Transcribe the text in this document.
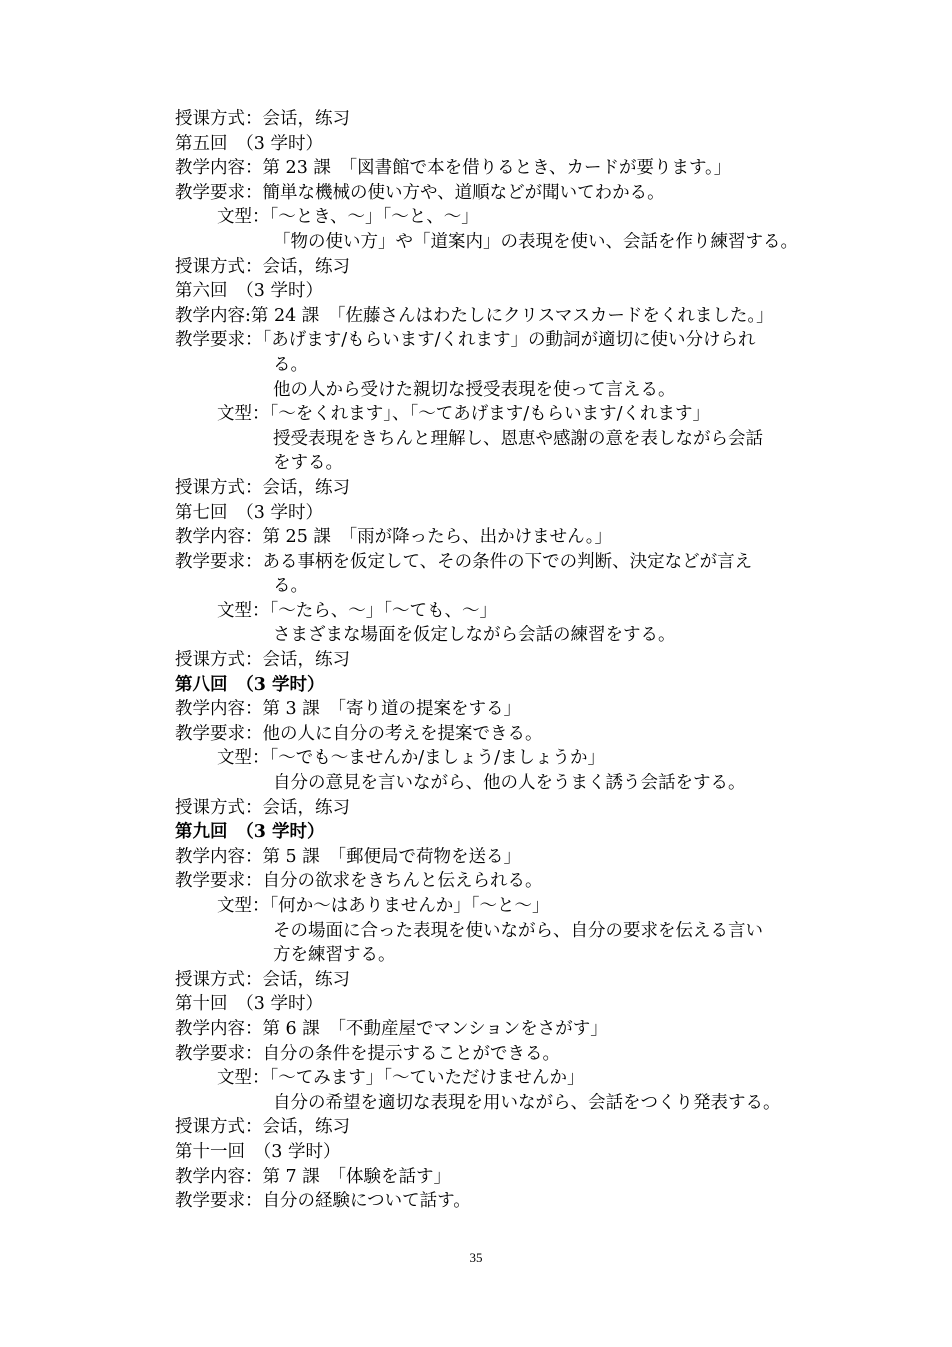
授课方式：会话，练习
第五回　（3 学时）
教学内容：第 23 課　「図書館で本を借りるとき、カードが要ります。」
教学要求：簡単な機械の使い方や、道順などが聞いてわかる。
文型：「～とき、～」「～と、～」
「物の使い方」や「道案内」の表現を使い、会話を作り練習する。
授课方式：会话，练习
第六回　（3 学时）
教学内容:第 24 課　「佐藤さんはわたしにクリスマスカードをくれました。」
教学要求：「あげます/もらいます/くれます」の動詞が適切に使い分けられ
る。
他の人から受けた親切な授受表現を使って言える。
文型：「～をくれます」、「～てあげます/もらいます/くれます」
授受表現をきちんと理解し、恩恵や感謝の意を表しながら会話
をする。
授课方式：会话，练习
第七回　（3 学时）
教学内容：第 25 課　「雨が降ったら、出かけません。」
教学要求：ある事柄を仮定して、その条件の下での判断、決定などが言え
る。
文型：「～たら、～」「～ても、～」
さまざまな場面を仮定しながら会話の練習をする。
授课方式：会话，练习
第八回　（3 学时）
教学内容：第 3 課　「寄り道の提案をする」
教学要求：他の人に自分の考えを提案できる。
文型：「～でも～ませんか/ましょう/ましょうか」
自分の意見を言いながら、他の人をうまく誘う会話をする。
授课方式：会话，练习
第九回　（3 学时）
教学内容：第 5 課　「郵便局で荷物を送る」
教学要求：自分の欲求をきちんと伝えられる。
文型：「何か～はありませんか」「～と～」
その場面に合った表現を使いながら、自分の要求を伝える言い
方を練習する。
授课方式：会话，练习
第十回　（3 学时）
教学内容：第 6 課　「不動産屋でマンションをさがす」
教学要求：自分の条件を提示することができる。
文型：「～てみます」「～ていただけませんか」
自分の希望を適切な表現を用いながら、会話をつくり発表する。
授课方式：会话，练习
第十一回　（3 学时）
教学内容：第 7 課　「体験を話す」
教学要求：自分の経験について話す。
35
